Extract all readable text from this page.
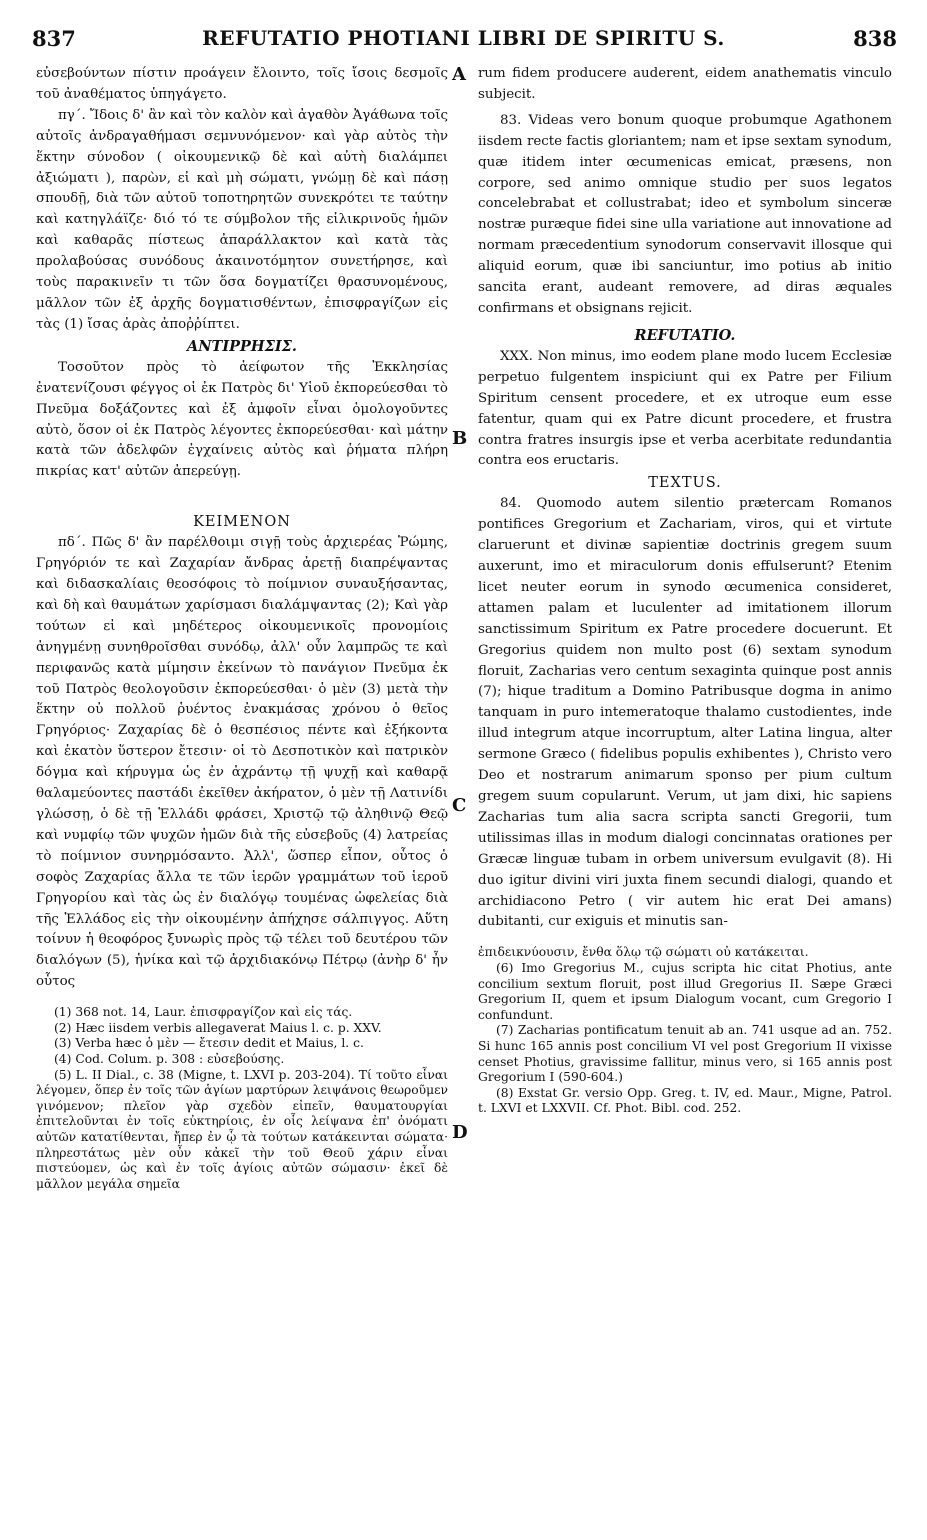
837	REFUTATIO PHOTIANI LIBRI DE SPIRITU S.	838
A
B
C
D

εὐσεβούντων πίστιν προάγειν ἔλοιντο, τοῖς ἴσοις δεσμοῖς τοῦ ἀναθέματος ὑπηγάγετο.

πγ΄. Ἴδοις δ' ἂν καὶ τὸν καλὸν καὶ ἀγαθὸν Ἀγάθωνα τοῖς αὐτοῖς ἀνδραγαθήμασι σεμνυνόμενον· καὶ γὰρ αὐτὸς τὴν ἕκτην σύνοδον ( οἰκουμενικῷ δὲ καὶ αὐτὴ διαλάμπει ἀξιώματι ), παρὼν, εἰ καὶ μὴ σώματι, γνώμῃ δὲ καὶ πάσῃ σπουδῇ, διὰ τῶν αὐτοῦ τοποτηρητῶν συνεκρότει τε ταύτην καὶ κατηγλάϊζε· διό τό τε σύμβολον τῆς εἰλικρινοῦς ἡμῶν καὶ καθαρᾶς πίστεως ἀπαράλλακτον καὶ κατὰ τὰς προλαβούσας συνόδους ἀκαινοτόμητον συνετήρησε, καὶ τοὺς παρακινεῖν τι τῶν ὅσα δογματίζει θρασυνομένους, μᾶλλον τῶν ἐξ ἀρχῆς δογματισθέντων, ἐπισφραγίζων εἰς τὰς (1) ἴσας ἀρὰς ἀποῤῥίπτει.

ΑΝΤΙΡΡΗΣΙΣ.

Τοσοῦτον πρὸς τὸ ἀείφωτον τῆς Ἐκκλησίας ἐνατενίζουσι φέγγος οἱ ἐκ Πατρὸς δι' Υἱοῦ ἐκπορεύεσθαι τὸ Πνεῦμα δοξάζοντες καὶ ἐξ ἀμφοῖν εἶναι ὁμολογοῦντες αὐτὸ, ὅσον οἱ ἐκ Πατρὸς λέγοντες ἐκπορεύεσθαι· καὶ μάτην κατὰ τῶν ἀδελφῶν ἐγχαίνεις αὐτὸς καὶ ῥήματα πλήρη πικρίας κατ' αὐτῶν ἀπερεύγῃ.

ΚΕΙΜΕΝΟΝ

πδ΄. Πῶς δ' ἂν παρέλθοιμι σιγῇ τοὺς ἀρχιερέας Ῥώμης, Γρηγόριόν τε καὶ Ζαχαρίαν ἄνδρας ἀρετῇ διαπρέψαντας καὶ διδασκαλίαις θεοσόφοις τὸ ποίμνιον συναυξήσαντας, καὶ δὴ καὶ θαυμάτων χαρίσμασι διαλάμψαντας (2); Καὶ γὰρ τούτων εἰ καὶ μηδέτερος οἰκουμενικοῖς προνομίοις ἀνηγμένῃ συνηθροῖσθαι συνόδῳ, ἀλλ' οὖν λαμπρῶς τε καὶ περιφανῶς κατὰ μίμησιν ἐκείνων τὸ πανάγιον Πνεῦμα ἐκ τοῦ Πατρὸς θεολογοῦσιν ἐκπορεύεσθαι· ὁ μὲν (3) μετὰ τὴν ἕκτην οὐ πολλοῦ ῥυέντος ἐνακμάσας χρόνου ὁ θεῖος Γρηγόριος· Ζαχαρίας δὲ ὁ θεσπέσιος πέντε καὶ ἑξήκοντα καὶ ἑκατὸν ὕστερον ἔτεσιν· οἱ τὸ Δεσποτικὸν καὶ πατρικὸν δόγμα καὶ κήρυγμα ὡς ἐν ἀχράντῳ τῇ ψυχῇ καὶ καθαρᾷ θαλαμεύοντες παστάδι ἐκεῖθεν ἀκήρατον, ὁ μὲν τῇ Λατινίδι γλώσσῃ, ὁ δὲ τῇ Ἑλλάδι φράσει, Χριστῷ τῷ ἀληθινῷ Θεῷ καὶ νυμφίῳ τῶν ψυχῶν ἡμῶν διὰ τῆς εὐσεβοῦς (4) λατρείας τὸ ποίμνιον συνηρμόσαντο. Ἀλλ', ὥσπερ εἶπον, οὗτος ὁ σοφὸς Ζαχαρίας ἄλλα τε τῶν ἱερῶν γραμμάτων τοῦ ἱεροῦ Γρηγορίου καὶ τὰς ὡς ἐν διαλόγῳ τουμένας ὠφελείας διὰ τῆς Ἑλλάδος εἰς τὴν οἰκουμένην ἀπήχησε σάλπιγγος. Αὕτη τοίνυν ἡ θεοφόρος ξυνωρὶς πρὸς τῷ τέλει τοῦ δευτέρου τῶν διαλόγων (5), ἡνίκα καὶ τῷ ἀρχιδιακόνῳ Πέτρῳ (ἀνὴρ δ' ἦν οὗτος

(1) 368 not. 14, Laur. ἐπισφραγίζον καὶ εἰς τάς.

(2) Hæc iisdem verbis allegaverat Maius l. c. p. XXV.

(3) Verba hæc ὁ μὲν — ἔτεσιν dedit et Maius, l. c.

(4) Cod. Colum. p. 308 : εὐσεβούσης.

(5) L. II Dial., c. 38 (Migne, t. LXVI p. 203-204). Τί τοῦτο εἶναι λέγομεν, ὅπερ ἐν τοῖς τῶν ἁγίων μαρτύρων λειψάνοις θεωροῦμεν γινόμενον; πλεῖον γὰρ σχεδὸν εἰπεῖν, θαυματουργίαι ἐπιτελοῦνται ἐν τοῖς εὐκτηρίοις, ἐν οἷς λείψανα ἐπ' ὀνόματι αὐτῶν κατατίθενται, ἤπερ ἐν ᾧ τὰ τούτων κατάκεινται σώματα· πληρεστάτως μὲν οὖν κἀκεῖ τὴν τοῦ Θεοῦ χάριν εἶναι πιστεύομεν, ὡς καὶ ἐν τοῖς ἁγίοις αὐτῶν σώμασιν· ἐκεῖ δὲ μᾶλλον μεγάλα σημεῖα

rum fidem producere auderent, eidem anathematis vinculo subjecit.

83. Videas vero bonum quoque probumque Agathonem iisdem recte factis gloriantem; nam et ipse sextam synodum, quæ itidem inter œcumenicas emicat, præsens, non corpore, sed animo omnique studio per suos legatos concelebrabat et collustrabat; ideo et symbolum sinceræ nostræ puræque fidei sine ulla variatione aut innovatione ad normam præcedentium synodorum conservavit illosque qui aliquid eorum, quæ ibi sanciuntur, imo potius ab initio sancita erant, audeant removere, ad diras æquales confirmans et obsignans rejicit.

REFUTATIO.

XXX. Non minus, imo eodem plane modo lucem Ecclesiæ perpetuo fulgentem inspiciunt qui ex Patre per Filium Spiritum censent procedere, et ex utroque eum esse fatentur, quam qui ex Patre dicunt procedere, et frustra contra fratres insurgis ipse et verba acerbitate redundantia contra eos eructaris.

TEXTUS.

84. Quomodo autem silentio prætercam Romanos pontifices Gregorium et Zachariam, viros, qui et virtute claruerunt et divinæ sapientiæ doctrinis gregem suum auxerunt, imo et miraculorum donis effulserunt? Etenim licet neuter eorum in synodo œcumenica consideret, attamen palam et luculenter ad imitationem illorum sanctissimum Spiritum ex Patre procedere docuerunt. Et Gregorius quidem non multo post (6) sextam synodum floruit, Zacharias vero centum sexaginta quinque post annis (7); hique traditum a Domino Patribusque dogma in animo tanquam in puro intemeratoque thalamo custodientes, inde illud integrum atque incorruptum, alter Latina lingua, alter sermone Græco ( fidelibus populis exhibentes ), Christo vero Deo et nostrarum animarum sponso per pium cultum gregem suum copularunt. Verum, ut jam dixi, hic sapiens Zacharias tum alia sacra scripta sancti Gregorii, tum utilissimas illas in modum dialogi concinnatas orationes per Græcæ linguæ tubam in orbem universum evulgavit (8). Hi duo igitur divini viri juxta finem secundi dialogi, quando et archidiacono Petro ( vir autem hic erat Dei amans) dubitanti, cur exiguis et minutis san-

ἐπιδεικνύουσιν, ἔνθα ὅλῳ τῷ σώματι οὐ κατάκειται.

(6) Imo Gregorius M., cujus scripta hic citat Photius, ante concilium sextum floruit, post illud Gregorius II. Sæpe Græci Gregorium II, quem et ipsum Dialogum vocant, cum Gregorio I confundunt.

(7) Zacharias pontificatum tenuit ab an. 741 usque ad an. 752. Si hunc 165 annis post concilium VI vel post Gregorium II vixisse censet Photius, gravissime fallitur, minus vero, si 165 annis post Gregorium I (590-604.)

(8) Exstat Gr. versio Opp. Greg. t. IV, ed. Maur., Migne, Patrol. t. LXVI et LXXVII. Cf. Phot. Bibl. cod. 252.
